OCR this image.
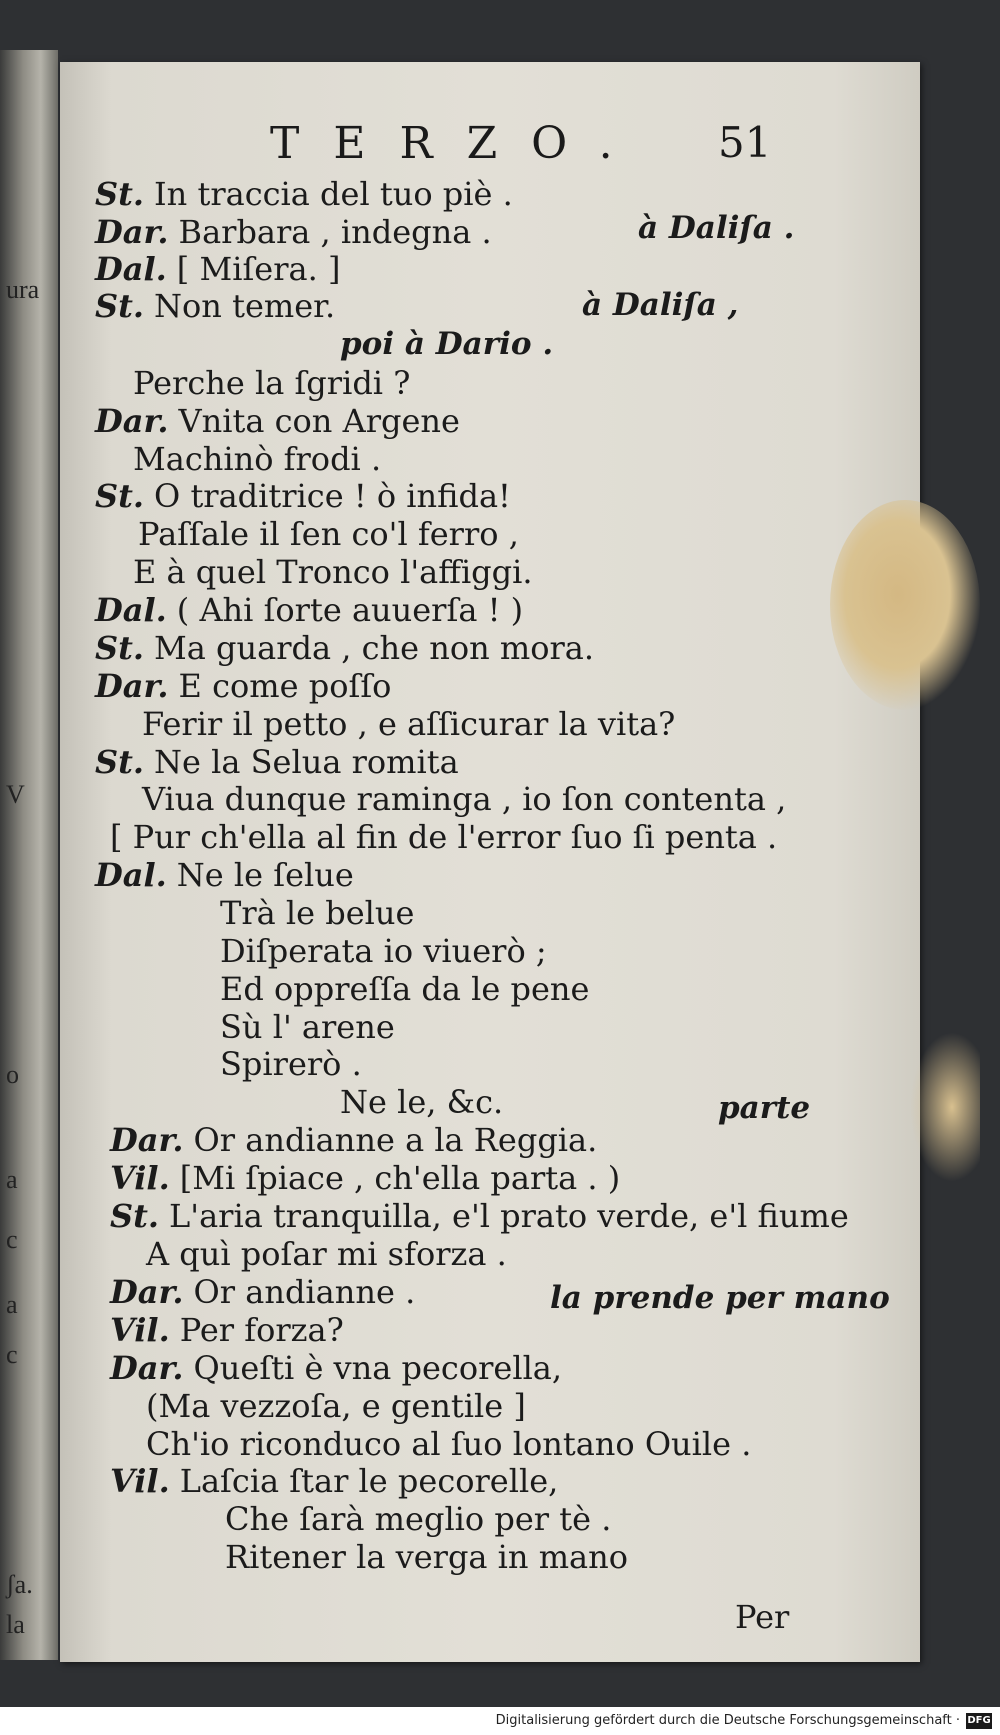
ura
V
o
a
c
a
c
ʃa.
la
TERZO. 51
St. In traccia del tuo piè .
Dar. Barbara , indegna .
Dal. [ Miſera. ]
St. Non temer.
Perche la ſgridi ?
Dar. Vnita con Argene
Machinò frodi .
St. O traditrice ! ò infida!
Paſſale il ſen co'l ferro ,
E à quel Tronco l'affiggi.
Dal. ( Ahi ſorte auuerſa ! )
St. Ma guarda , che non mora.
Dar. E come poſſo
Ferir il petto , e aſſicurar la vita?
St. Ne la Selua romita
Viua dunque raminga , io ſon contenta ,
[ Pur ch'ella al fin de l'error ſuo ſi penta .
Dal. Ne le ſelue
Trà le belue
Diſperata io viuerò ;
Ed oppreſſa da le pene
Sù l' arene
Spirerò .
Ne le, &c.
Dar. Or andianne a la Reggia.
Vil. [Mi ſpiace , ch'ella parta . )
St. L'aria tranquilla, e'l prato verde, e'l fiume
A quì poſar mi sforza .
Dar. Or andianne .
Vil. Per forza?
Dar. Queſti è vna pecorella,
(Ma vezzoſa, e gentile ]
Ch'io riconduco al ſuo lontano Ouile .
Vil. Laſcia ſtar le pecorelle,
Che ſarà meglio per tè .
Ritener la verga in mano
à Daliſa .
à Daliſa ,
poi à Dario .
parte
la prende per mano
Per
Digitalisierung gefördert durch die Deutsche Forschungsgemeinschaft · DFG
